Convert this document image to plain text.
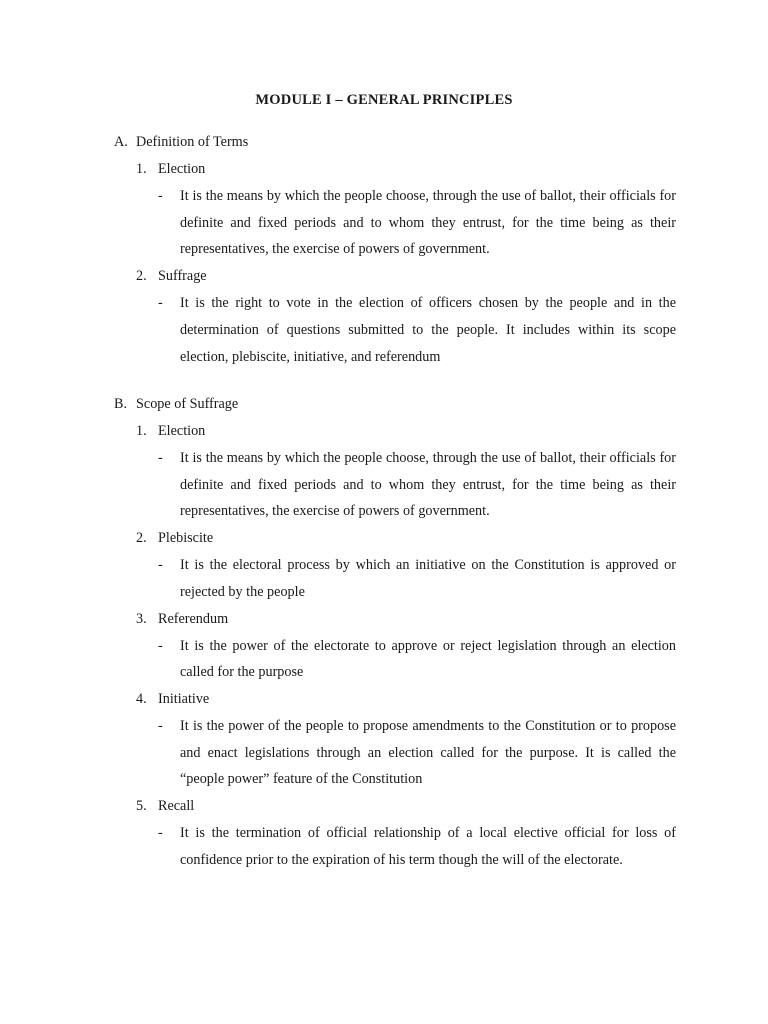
MODULE I – GENERAL PRINCIPLES
A. Definition of Terms
1. Election
- It is the means by which the people choose, through the use of ballot, their officials for definite and fixed periods and to whom they entrust, for the time being as their representatives, the exercise of powers of government.
2. Suffrage
- It is the right to vote in the election of officers chosen by the people and in the determination of questions submitted to the people. It includes within its scope election, plebiscite, initiative, and referendum
B. Scope of Suffrage
1. Election
- It is the means by which the people choose, through the use of ballot, their officials for definite and fixed periods and to whom they entrust, for the time being as their representatives, the exercise of powers of government.
2. Plebiscite
- It is the electoral process by which an initiative on the Constitution is approved or rejected by the people
3. Referendum
- It is the power of the electorate to approve or reject legislation through an election called for the purpose
4. Initiative
- It is the power of the people to propose amendments to the Constitution or to propose and enact legislations through an election called for the purpose. It is called the “people power” feature of the Constitution
5. Recall
- It is the termination of official relationship of a local elective official for loss of confidence prior to the expiration of his term though the will of the electorate.
